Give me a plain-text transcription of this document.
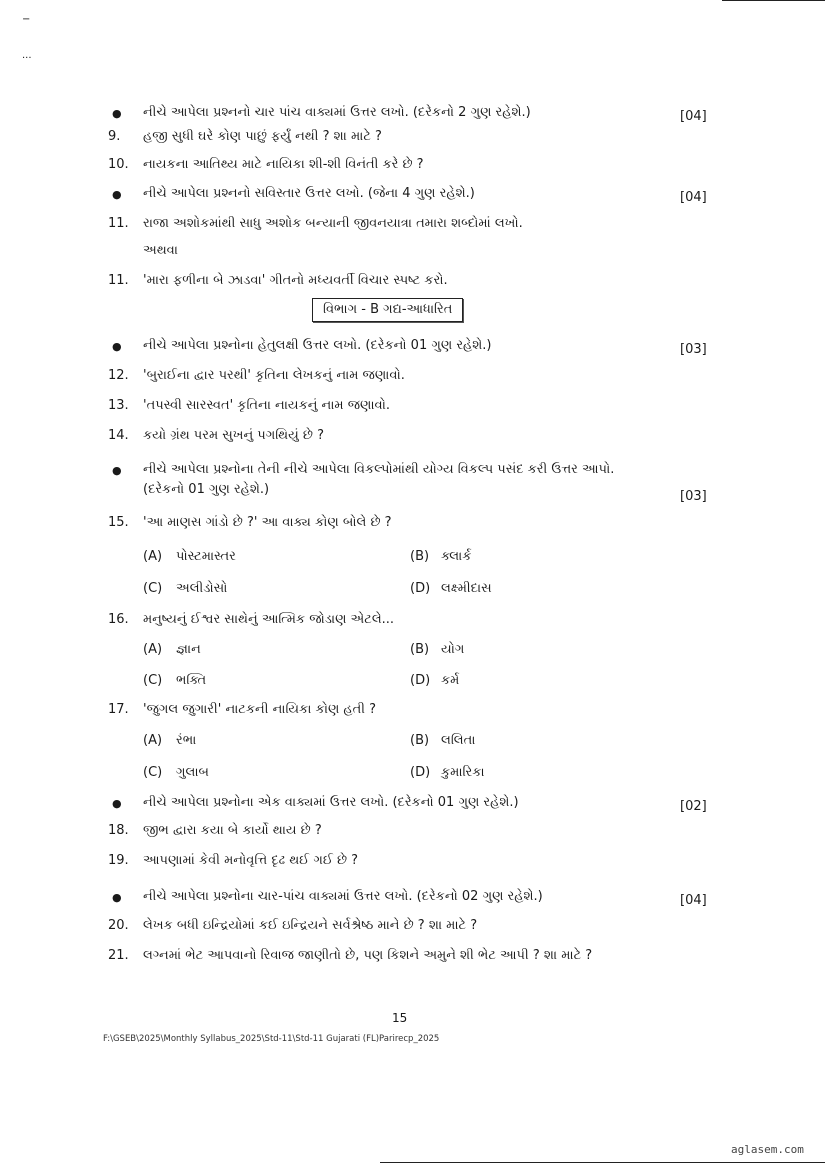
−
...
● નીચે આપેલા પ્રશ્નનો ચાર પાંચ વાક્યમાં ઉત્તર લખો. (દરેકનો 2 ગુણ રહેશે.)	[04]
9.	હજી સુધી ઘરે કોણ પાછું ફર્યું નથી ? શા માટે ?
10.	નાયકના આતિથ્ય માટે નાયિકા શી-શી વિનંતી કરે છે ?
● નીચે આપેલા પ્રશ્નનો સવિસ્તાર ઉત્તર લખો. (જેના 4 ગુણ રહેશે.)	[04]
11.	રાજા અશોકમાંથી સાધુ અશોક બન્યાની જીવનયાત્રા તમારા શબ્દોમાં લખો.
અથવા
11.	'મારા ફળીના બે ઝાડવા' ગીતનો મધ્યવર્તી વિચાર સ્પષ્ટ કરો.
વિભાગ - B ગદ્ય-આધારિત
● નીચે આપેલા પ્રશ્નોના હેતુલક્ષી ઉત્તર લખો. (દરેકનો 01 ગુણ રહેશે.)	[03]
12.	'બુરાઈના દ્વાર પરથી' કૃતિના લેખકનું નામ જણાવો.
13.	'તપસ્વી સારસ્વત' કૃતિના નાયકનું નામ જણાવો.
14.	કયો ગ્રંથ પરમ સુખનું પગથિયું છે ?
● નીચે આપેલા પ્રશ્નોના તેની નીચે આપેલા વિકલ્પોમાંથી યોગ્ય વિકલ્પ પસંદ કરી ઉત્તર આપો.
(દરેકનો 01 ગુણ રહેશે.)	[03]
15.	'આ માણસ ગાંડો છે ?' આ વાક્ય કોણ બોલે છે ?
(A) પોસ્ટમાસ્તર	(B) ક્લાર્ક
(C) અલીડોસો	(D) લક્ષ્મીદાસ
16.	મનુષ્યનું ઈશ્વર સાથેનું આત્મિક જોડાણ એટલે...
(A) જ્ઞાન	(B) યોગ
(C) ભક્તિ	(D) કર્મ
17.	'જુગલ જુગારી' નાટકની નાયિકા કોણ હતી ?
(A) રંભા	(B) લલિતા
(C) ગુલાબ	(D) કુમારિકા
● નીચે આપેલા પ્રશ્નોના એક વાક્યમાં ઉત્તર લખો. (દરેકનો 01 ગુણ રહેશે.)	[02]
18.	જીભ દ્વારા કયા બે કાર્યો થાય છે ?
19.	આપણામાં કેવી મનોવૃત્તિ દૃઢ થઈ ગઈ છે ?
● નીચે આપેલા પ્રશ્નોના ચાર-પાંચ વાક્યમાં ઉત્તર લખો. (દરેકનો 02 ગુણ રહેશે.)	[04]
20.	લેખક બધી ઇન્દ્રિયોમાં કઈ ઇન્દ્રિયને સર્વશ્રેષ્ઠ માને છે ? શા માટે ?
21.	લગ્નમાં ભેટ આપવાનો રિવાજ જાણીતો છે, પણ કિશને અમુને શી ભેટ આપી ? શા માટે ?
15
F:\GSEB\2025\Monthly Syllabus_2025\Std-11\Std-11 Gujarati (FL)Parirecp_2025
aglasem.com
